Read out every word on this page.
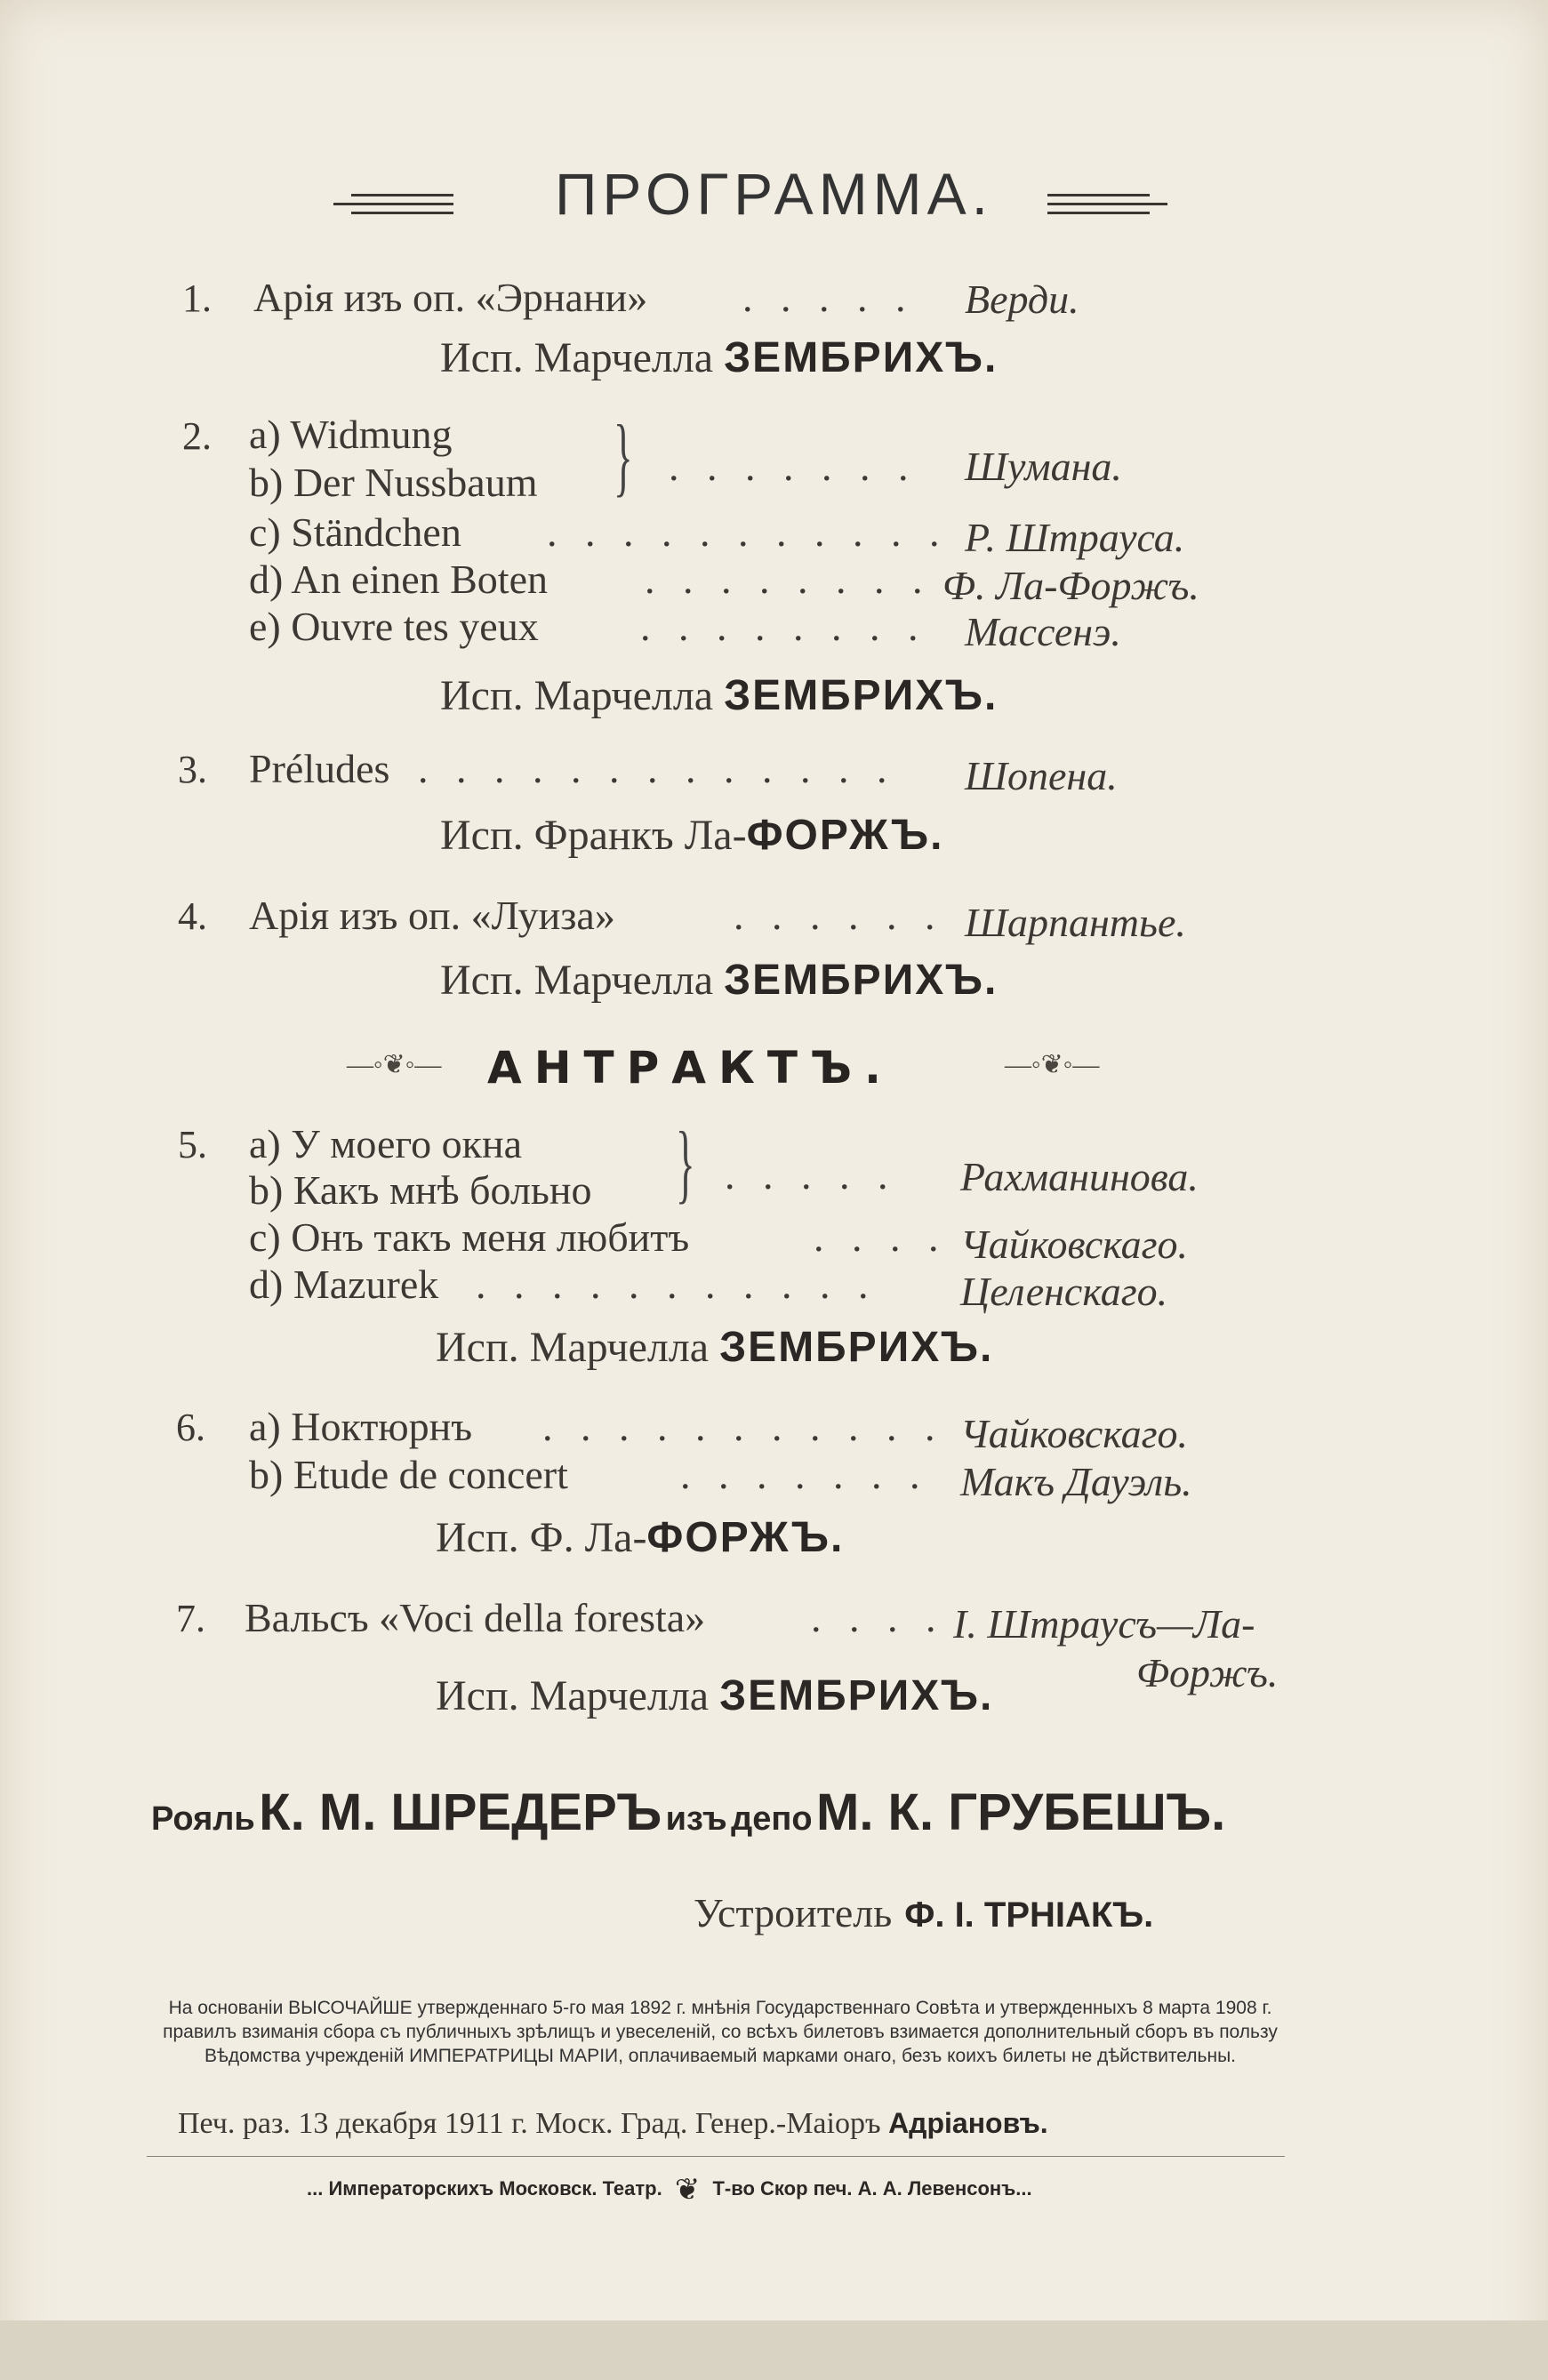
ПРОГРАММА.
1. Арія изъ оп. «Эрнани» . . . . . Верди.
Исп. Марчелла ЗЕМБРИХЪ.
2. a) Widmung
b) Der Nussbaum } . . . . . . . Шумана.
c) Ständchen . . . . . . . . . . . Р. Штрауса.
d) An einen Boten . . . . . . . . Ф. Ла-Форжъ.
e) Ouvre tes yeux . . . . . . . . Массенэ.
Исп. Марчелла ЗЕМБРИХЪ.
3. Préludes . . . . . . . . . . . . . Шопена.
Исп. Франкъ Ла-ФОРЖЪ.
4. Арія изъ оп. «Луиза»	. . . . . . Шарпантье.
Исп. Марчелла ЗЕМБРИХЪ.
—◦❦◦— АНТРАКТЪ.	—◦❦◦—
5. a) У моего окна
b) Какъ мнѣ больно } . . . . . Рахманинова.
c) Онъ такъ меня любитъ	. . . . Чайковскаго.
d) Mazurek . . . . . . . . . . . Целенскаго.
Исп. Марчелла ЗЕМБРИХЪ.
6. a) Ноктюрнъ . . . . . . . . . . . Чайковскаго.
b) Etude de concert	. . . . . . . Макъ Дауэль.
Исп. Ф. Ла-ФОРЖЪ.
7. Вальсъ «Voci della foresta»	. . . . І. Штраусъ—Ла-
Форжъ.
Исп. Марчелла ЗЕМБРИХЪ.
Рояль К. М. ШРЕДЕРЪ изъ депо М. К. ГРУБЕШЪ.
Устроитель Ф. І. ТРНІАКЪ.
На основаніи ВЫСОЧАЙШЕ утвержденнаго 5-го мая 1892 г. мнѣнія Государственнаго Совѣта и утвержденныхъ 8 марта 1908 г. правилъ взиманія сбора съ публичныхъ зрѣлищъ и увеселеній, со всѣхъ билетовъ взимается дополнительный сборъ въ пользу Вѣдомства учрежденій ИМПЕРАТРИЦЫ МАРІИ, оплачиваемый марками онаго, безъ коихъ билеты не дѣйствительны.
Печ. раз. 13 декабря 1911 г. Моск. Град. Генер.-Маіоръ Адріановъ.
... Императорскихъ Московск. Театр. ❦ Т-во Скор печ. А. А. Левенсонъ...
